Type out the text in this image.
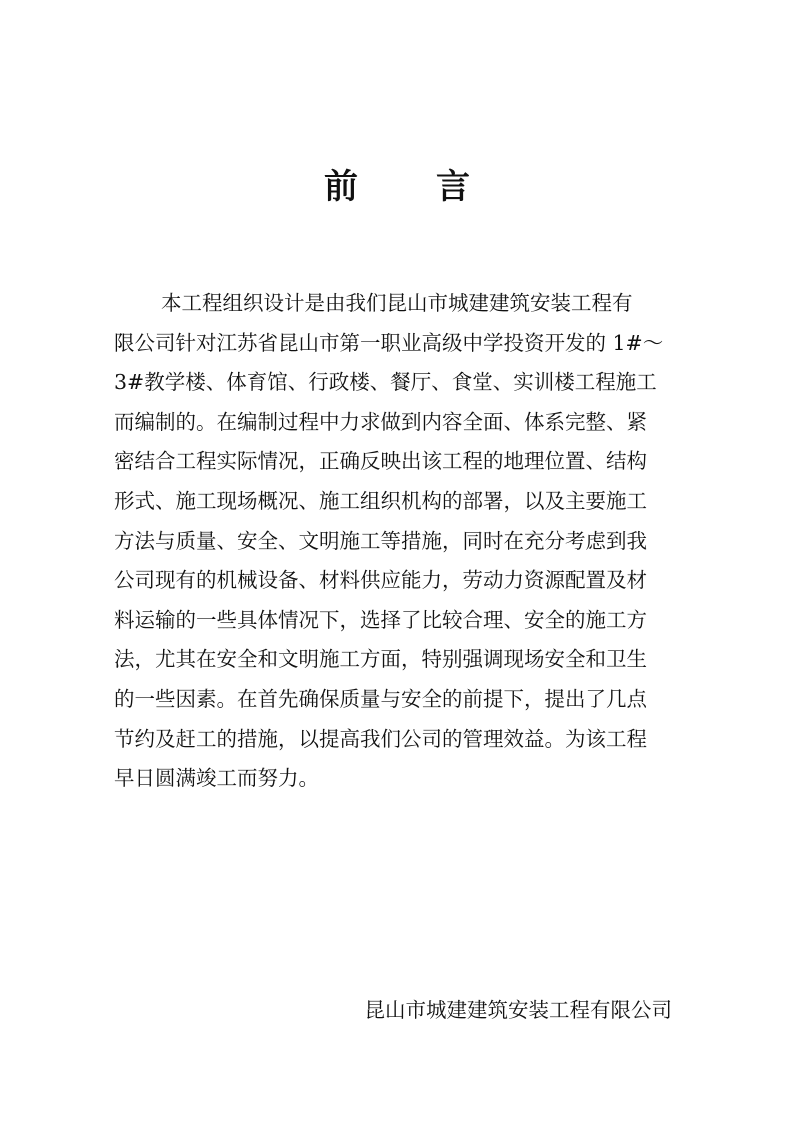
前 言
本工程组织设计是由我们昆山市城建建筑安装工程有
限公司针对江苏省昆山市第一职业高级中学投资开发的 1#～
3#教学楼、体育馆、行政楼、餐厅、食堂、实训楼工程施工
而编制的。在编制过程中力求做到内容全面、体系完整、紧
密结合工程实际情况，正确反映出该工程的地理位置、结构
形式、施工现场概况、施工组织机构的部署，以及主要施工
方法与质量、安全、文明施工等措施，同时在充分考虑到我
公司现有的机械设备、材料供应能力，劳动力资源配置及材
料运输的一些具体情况下，选择了比较合理、安全的施工方
法，尤其在安全和文明施工方面，特别强调现场安全和卫生
的一些因素。在首先确保质量与安全的前提下，提出了几点
节约及赶工的措施，以提高我们公司的管理效益。为该工程
早日圆满竣工而努力。
昆山市城建建筑安装工程有限公司
